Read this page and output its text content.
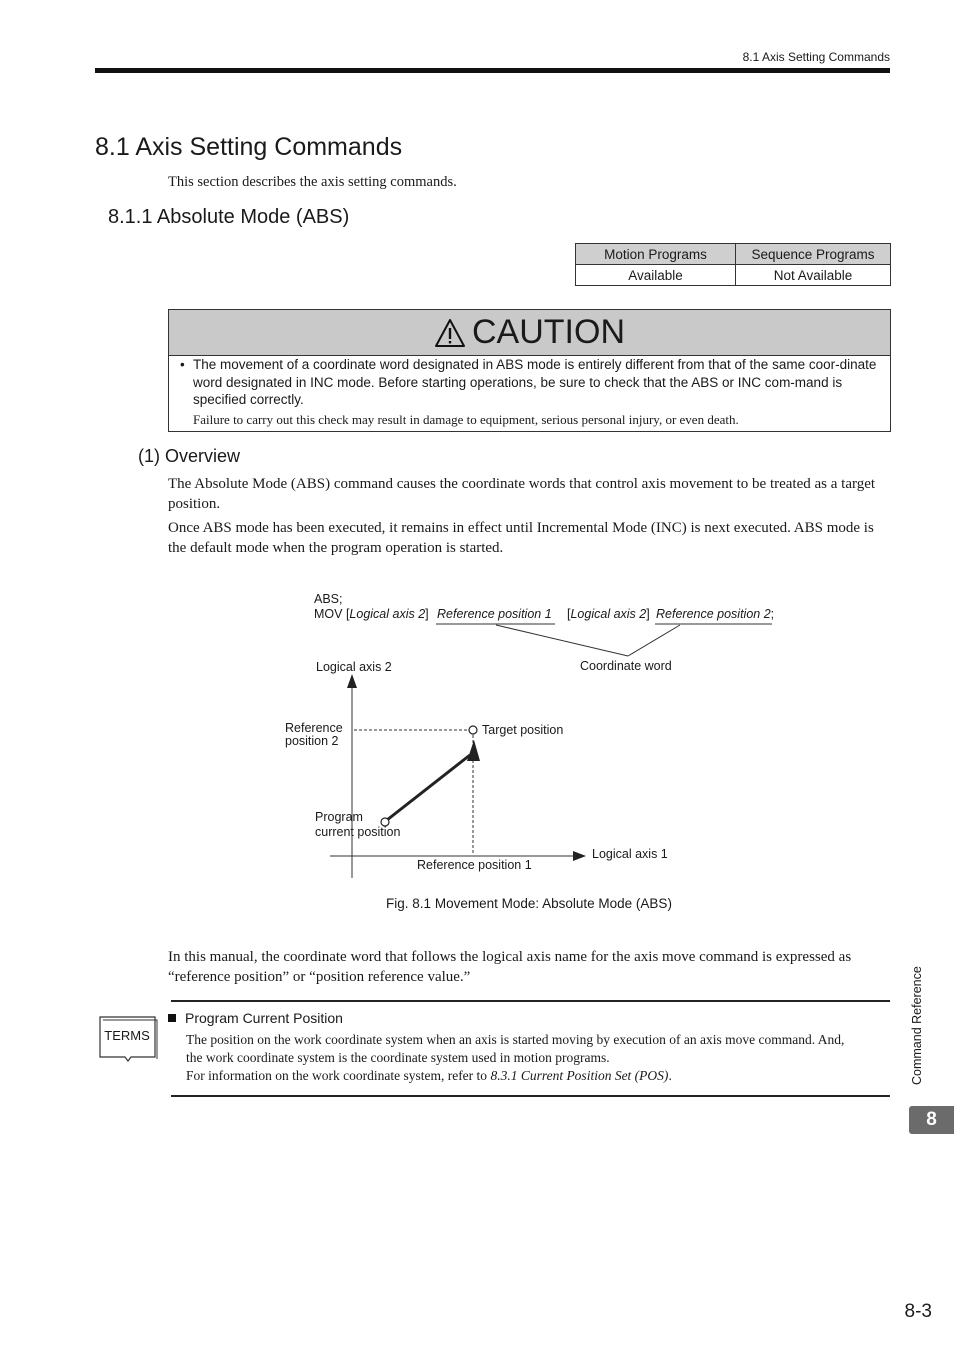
8.1 Axis Setting Commands
8.1 Axis Setting Commands
This section describes the axis setting commands.
8.1.1 Absolute Mode (ABS)
Motion Programs	Sequence Programs
Available	Not Available
CAUTION
• The movement of a coordinate word designated in ABS mode is entirely different from that of the same coor-dinate word designated in INC mode. Before starting operations, be sure to check that the ABS or INC com-mand is specified correctly.
Failure to carry out this check may result in damage to equipment, serious personal injury, or even death.
(1) Overview
The Absolute Mode (ABS) command causes the coordinate words that control axis movement to be treated as a target position.
Once ABS mode has been executed, it remains in effect until Incremental Mode (INC) is next executed. ABS mode is the default mode when the program operation is started.
ABS;
MOV [Logical axis 2] Reference position 1 [Logical axis 2] Reference position 2;
Coordinate word
Logical axis 2
Logical axis 1
Reference
position 2
Target position
Program
current position
Reference position 1
Fig. 8.1 Movement Mode: Absolute Mode (ABS)
In this manual, the coordinate word that follows the logical axis name for the axis move command is expressed as “reference position” or “position reference value.”
TERMS
Program Current Position
The position on the work coordinate system when an axis is started moving by execution of an axis move command. And,
the work coordinate system is the coordinate system used in motion programs.
For information on the work coordinate system, refer to 8.3.1 Current Position Set (POS).	Command Reference
8
8-3
